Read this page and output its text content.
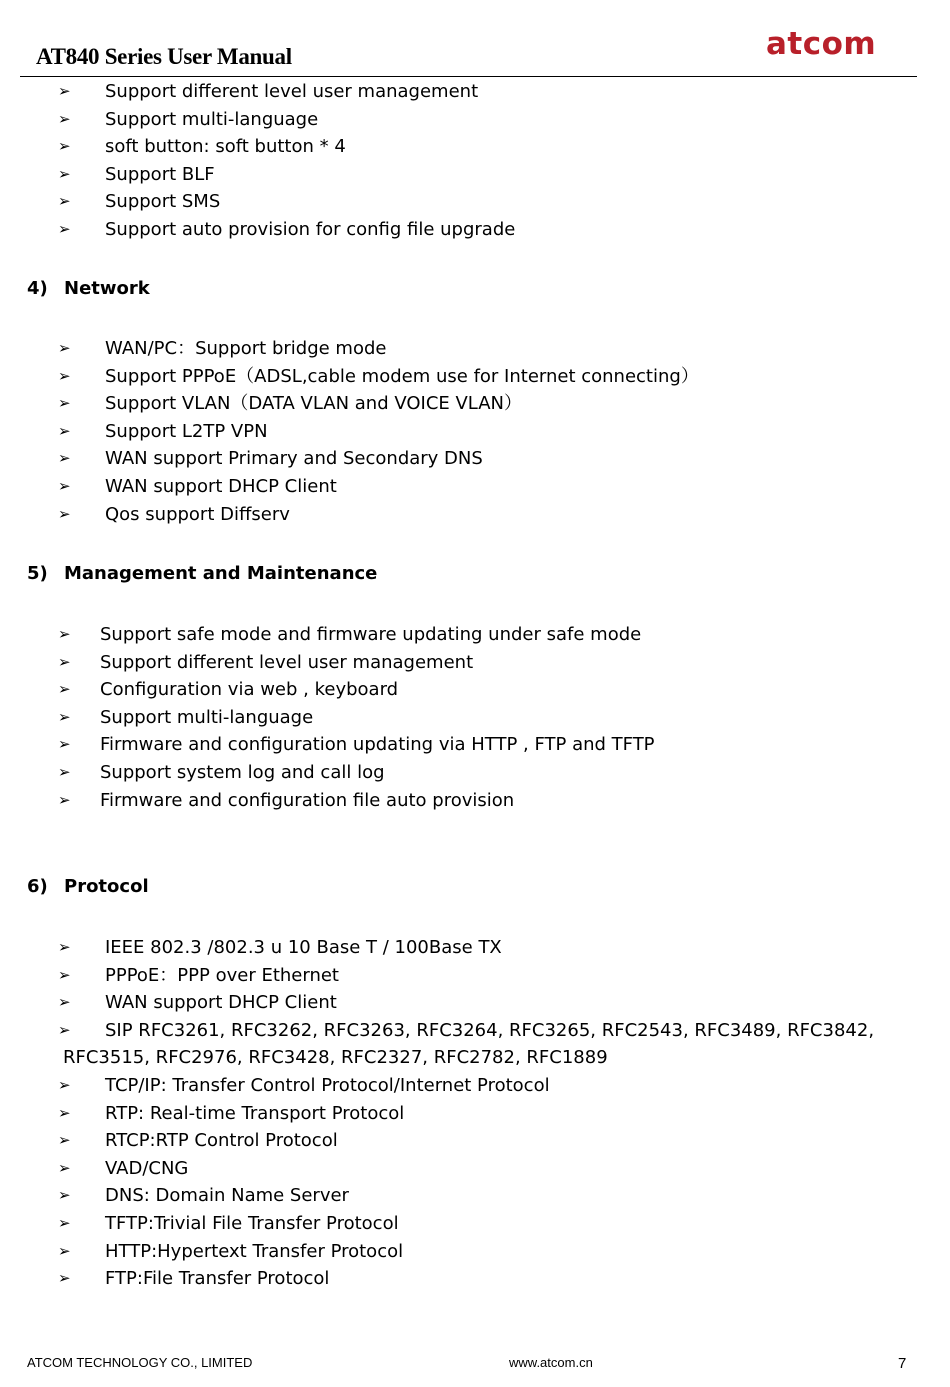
AT840 Series User Manual	atcom
➢ Support different level user management
➢ Support multi-language
➢ soft button: soft button * 4
➢ Support BLF
➢ Support SMS
➢ Support auto provision for config file upgrade
4) Network
➢ WAN/PC：Support bridge mode
➢ Support PPPoE（ADSL,cable modem use for Internet connecting）
➢ Support VLAN（DATA VLAN and VOICE VLAN）
➢ Support L2TP VPN
➢ WAN support Primary and Secondary DNS
➢ WAN support DHCP Client
➢ Qos support Diffserv
5) Management and Maintenance
➢ Support safe mode and firmware updating under safe mode
➢ Support different level user management
➢ Configuration via web , keyboard
➢ Support multi-language
➢ Firmware and configuration updating via HTTP , FTP and TFTP
➢ Support system log and call log
➢ Firmware and configuration file auto provision
6) Protocol
➢ IEEE 802.3 /802.3 u 10 Base T / 100Base TX
➢ PPPoE：PPP over Ethernet
➢ WAN support DHCP Client
➢	SIP RFC3261, RFC3262, RFC3263, RFC3264, RFC3265, RFC2543, RFC3489, RFC3842, RFC3515, RFC2976, RFC3428, RFC2327, RFC2782, RFC1889
➢ TCP/IP: Transfer Control Protocol/Internet Protocol
➢ RTP: Real-time Transport Protocol
➢ RTCP:RTP Control Protocol
➢ VAD/CNG
➢ DNS: Domain Name Server
➢ TFTP:Trivial File Transfer Protocol
➢ HTTP:Hypertext Transfer Protocol
➢ FTP:File Transfer Protocol
ATCOM TECHNOLOGY CO., LIMITED	www.atcom.cn	7
